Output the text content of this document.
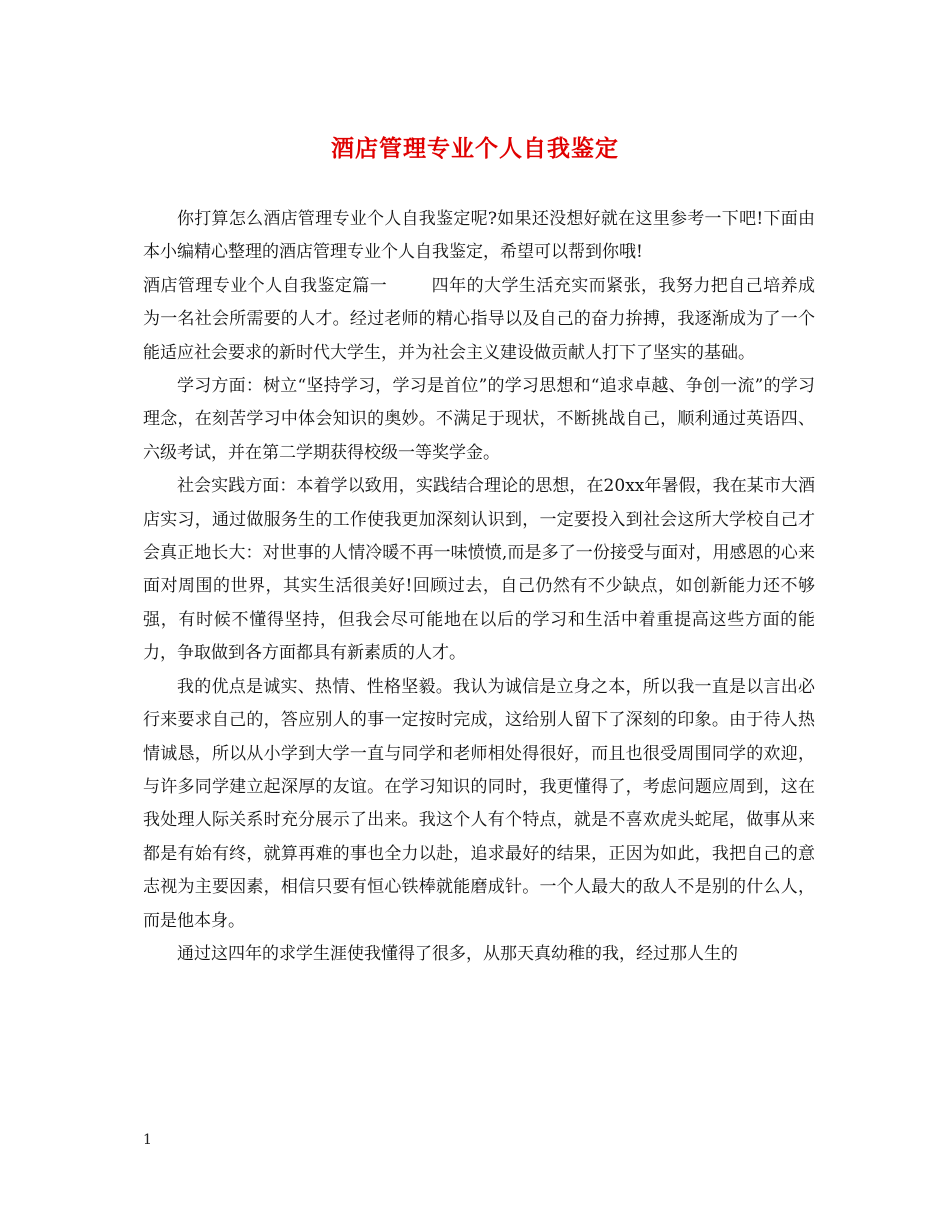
酒店管理专业个人自我鉴定

你打算怎么酒店管理专业个人自我鉴定呢?如果还没想好就在这里参考一下吧!下面由本小编精心整理的酒店管理专业个人自我鉴定，希望可以帮到你哦!

酒店管理专业个人自我鉴定篇一	四年的大学生活充实而紧张，我努力把自己培养成为一名社会所需要的人才。经过老师的精心指导以及自己的奋力拚搏，我逐渐成为了一个能适应社会要求的新时代大学生，并为社会主义建设做贡献人打下了坚实的基础。

学习方面：树立“坚持学习，学习是首位”的学习思想和“追求卓越、争创一流”的学习理念，在刻苦学习中体会知识的奥妙。不满足于现状，不断挑战自己，顺利通过英语四、六级考试，并在第二学期获得校级一等奖学金。

社会实践方面：本着学以致用，实践结合理论的思想，在20xx年暑假，我在某市大酒店实习，通过做服务生的工作使我更加深刻认识到，一定要投入到社会这所大学校自己才会真正地长大：对世事的人情冷暖不再一味愤愤,而是多了一份接受与面对，用感恩的心来面对周围的世界，其实生活很美好!回顾过去，自己仍然有不少缺点，如创新能力还不够强，有时候不懂得坚持，但我会尽可能地在以后的学习和生活中着重提高这些方面的能力，争取做到各方面都具有新素质的人才。

我的优点是诚实、热情、性格坚毅。我认为诚信是立身之本，所以我一直是以言出必行来要求自己的，答应别人的事一定按时完成，这给别人留下了深刻的印象。由于待人热情诚恳，所以从小学到大学一直与同学和老师相处得很好，而且也很受周围同学的欢迎，与许多同学建立起深厚的友谊。在学习知识的同时，我更懂得了，考虑问题应周到，这在我处理人际关系时充分展示了出来。我这个人有个特点，就是不喜欢虎头蛇尾，做事从来都是有始有终，就算再难的事也全力以赴，追求最好的结果，正因为如此，我把自己的意志视为主要因素，相信只要有恒心铁棒就能磨成针。一个人最大的敌人不是别的什么人，而是他本身。

通过这四年的求学生涯使我懂得了很多，从那天真幼稚的我，经过那人生的

1
